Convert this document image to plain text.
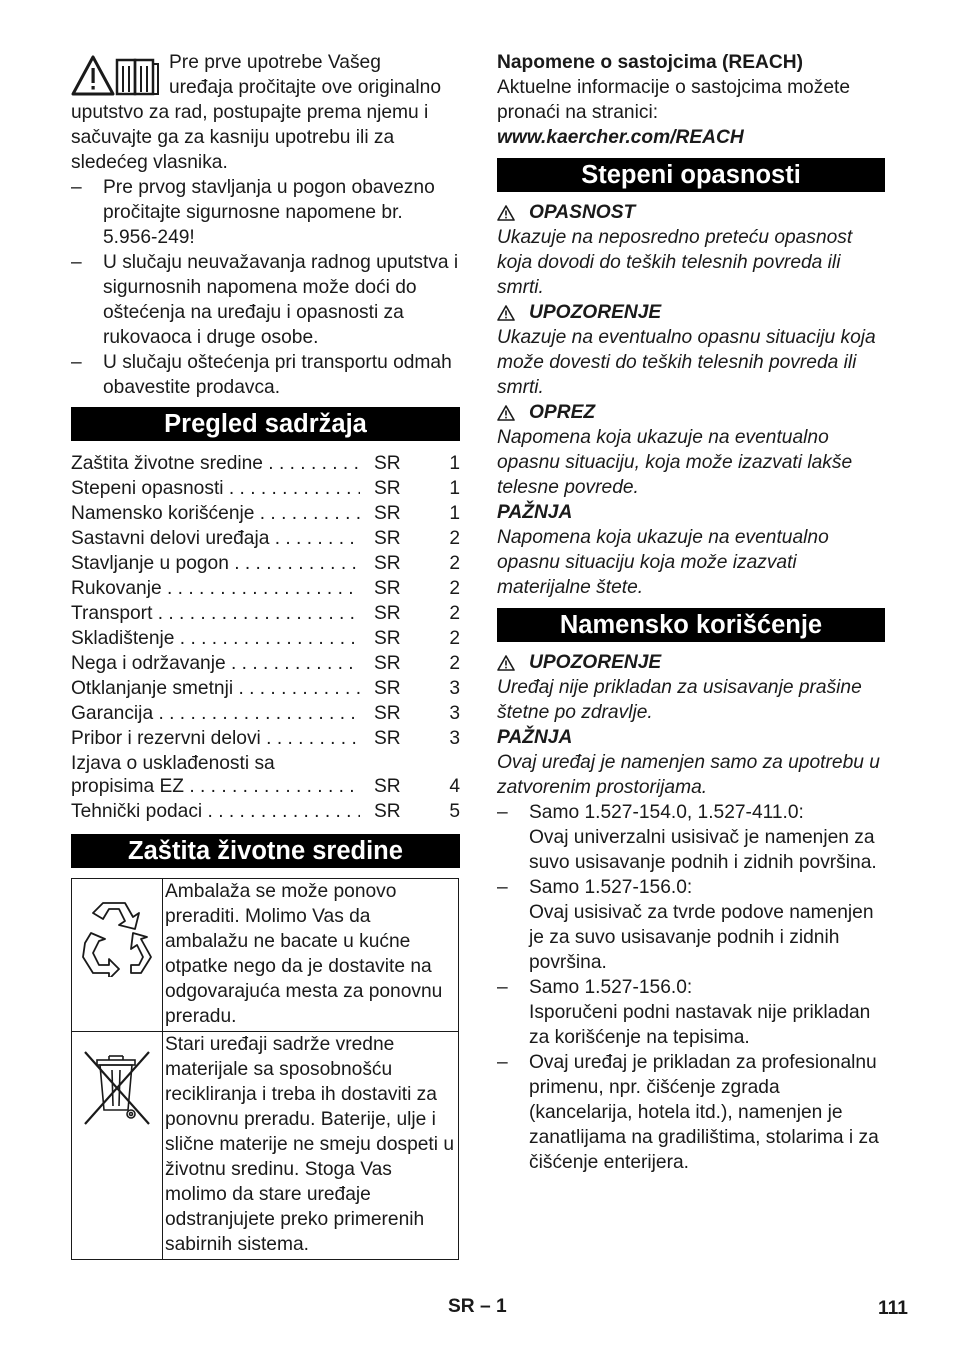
Pre prve upotrebe Vašeg

uređaja pročitajte ove originalno

uputstvo za rad, postupajte prema njemu i sačuvajte ga za kasniju upotrebu ili za sledećeg vlasnika.

– Pre prvog stavljanja u pogon obavezno pročitajte sigurnosne napomene br. 5.956-249!
– U slučaju neuvažavanja radnog uputstva i sigurnosnih napomena može doći do oštećenja na uređaju i opasnosti za rukovaoca i druge osobe.
– U slučaju oštećenja pri transportu odmah obavestite prodavca.
Pregled sadržaja
Zaštita životne sredine . . .	SR	1
Stepeni opasnosti . . .	SR	1
Namensko korišćenje . . .	SR	1
Sastavni delovi uređaja . . .	SR	2
Stavljanje u pogon . . .	SR	2
Rukovanje . . .	SR	2
Transport . . .	SR	2
Skladištenje . . .	SR	2
Nega i održavanje . . .	SR	2
Otklanjanje smetnji . . .	SR	3
Garancija . . .	SR	3
Pribor i rezervni delovi . . .	SR	3
Izjava o usklađenosti sa
propisima EZ . . .	SR	4
Tehnički podaci . . .	SR	5
Zaštita životne sredine
	Ambalaža se može ponovo preraditi. Molimo Vas da ambalažu ne bacate u kućne otpatke nego da je dostavite na odgovarajuća mesta za ponovnu preradu.
	Stari uređaji sadrže vredne materijale sa sposobnošću recikliranja i treba ih dostaviti za ponovnu preradu. Baterije, ulje i slične materije ne smeju dospeti u životnu sredinu. Stoga Vas molimo da stare uređaje odstranjujete preko primerenih sabirnih sistema.

Napomene o sastojcima (REACH)

Aktuelne informacije o sastojcima možete pronaći na stranici:

www.kaercher.com/REACH

Stepeni opasnosti
OPASNOST

Ukazuje na neposredno preteću opasnost koja dovodi do teških telesnih povreda ili smrti.

UPOZORENJE

Ukazuje na eventualno opasnu situaciju koja može dovesti do teških telesnih povreda ili smrti.

OPREZ

Napomena koja ukazuje na eventualno opasnu situaciju, koja može izazvati lakše telesne povrede.

PAŽNJA

Napomena koja ukazuje na eventualno opasnu situaciju koja može izazvati materijalne štete.

Namensko korišćenje
UPOZORENJE

Uređaj nije prikladan za usisavanje prašine štetne po zdravlje.

PAŽNJA

Ovaj uređaj je namenjen samo za upotrebu u zatvorenim prostorijama.

– Samo 1.527-154.0, 1.527-411.0:
Ovaj univerzalni usisivač je namenjen za suvo usisavanje podnih i zidnih površina.
– Samo 1.527-156.0:
Ovaj usisivač za tvrde podove namenjen je za suvo usisavanje podnih i zidnih površina.
– Samo 1.527-156.0:
Isporučeni podni nastavak nije prikladan za korišćenje na tepisima.
– Ovaj uređaj je prikladan za profesionalnu primenu, npr. čišćenje zgrada (kancelarija, hotela itd.), namenjen je zanatlijama na gradilištima, stolarima i za čišćenje enterijera.
SR – 1	111
